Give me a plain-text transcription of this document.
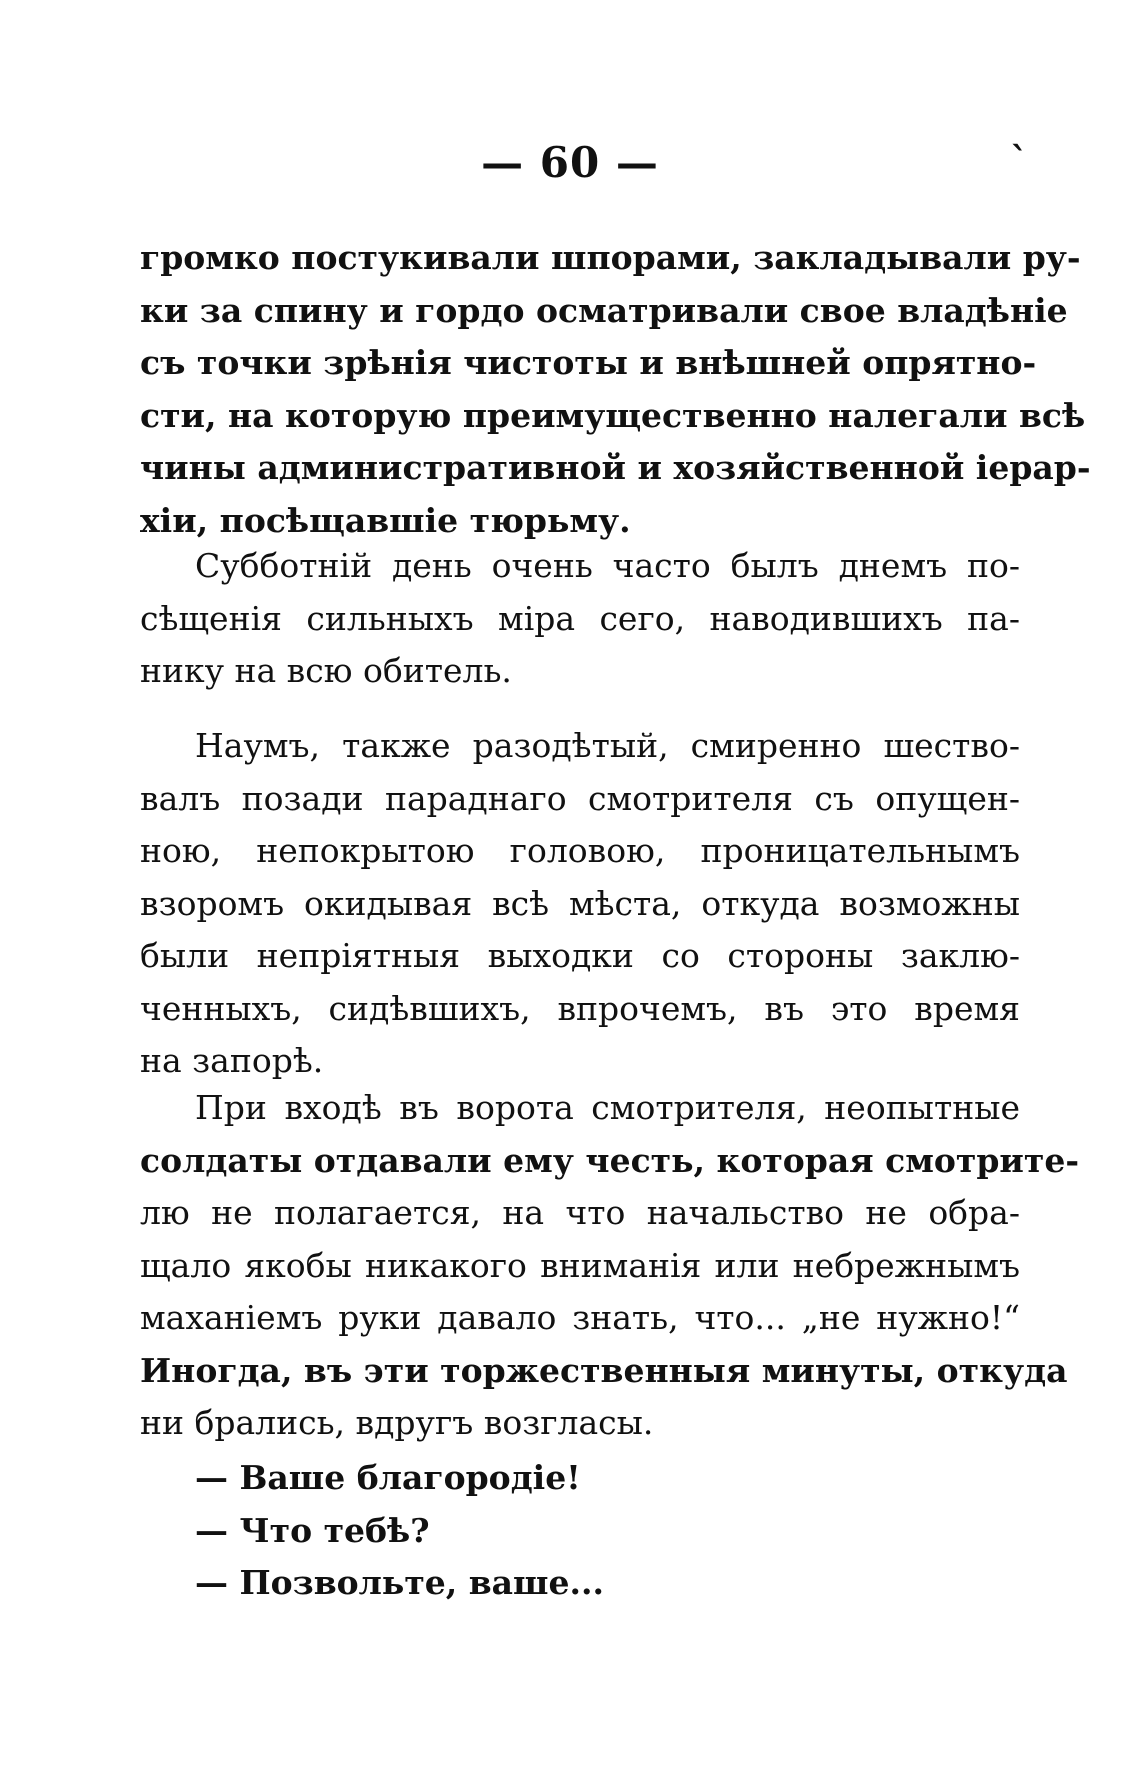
— 60 —	`
громко постукивали шпорами, закладывали ру-
ки за спину и гордо осматривали свое владѣніе
съ точки зрѣнія чистоты и внѣшней опрятно-
сти, на которую преимущественно налегали всѣ
чины административной и хозяйственной іерар-
хіи, посѣщавшіе тюрьму.
Субботній день очень часто былъ днемъ по-
сѣщенія сильныхъ міра сего, наводившихъ па-
нику на всю обитель.
Наумъ, также разодѣтый, смиренно шество-
валъ позади параднаго смотрителя съ опущен-
ною, непокрытою головою, проницательнымъ
взоромъ окидывая всѣ мѣста, откуда возможны
были непріятныя выходки со стороны заклю-
ченныхъ, сидѣвшихъ, впрочемъ, въ это время
на запорѣ.
При входѣ въ ворота смотрителя, неопытные
солдаты отдавали ему честь, которая смотрите-
лю не полагается, на что начальство не обра-
щало якобы никакого вниманія или небрежнымъ
маханіемъ руки давало знать, что... „не нужно!“
Иногда, въ эти торжественныя минуты, откуда
ни брались, вдругъ возгласы.
— Ваше благородіе!
— Что тебѣ?
— Позвольте, ваше...
